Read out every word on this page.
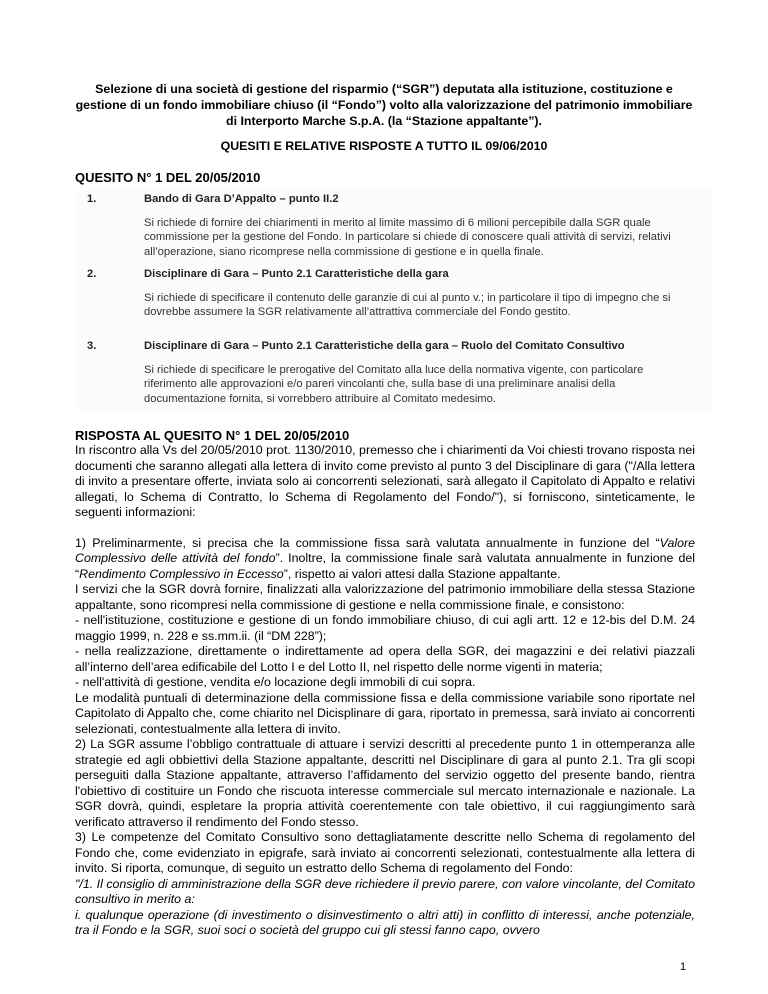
Selezione di una società di gestione del risparmio (“SGR”) deputata alla istituzione, costituzione e gestione di un fondo immobiliare chiuso (il “Fondo”) volto alla valorizzazione del patrimonio immobiliare di Interporto Marche S.p.A. (la “Stazione appaltante”).
QUESITI E RELATIVE RISPOSTE A TUTTO IL 09/06/2010
QUESITO N° 1 DEL 20/05/2010
1.	Bando di Gara D’Appalto – punto II.2
Si richiede di fornire dei chiarimenti in merito al limite massimo di 6 milioni percepibile dalla SGR quale commissione per la gestione del Fondo. In particolare si chiede di conoscere quali attività di servizi, relativi all’operazione, siano ricomprese nella commissione di gestione e in quella finale.
2.	Disciplinare di Gara – Punto 2.1 Caratteristiche della gara
Si richiede di specificare il contenuto delle garanzie di cui al punto v.; in particolare il tipo di impegno che si dovrebbe assumere la SGR relativamente all’attrattiva commerciale del Fondo gestito.
3.	Disciplinare di Gara – Punto 2.1 Caratteristiche della gara – Ruolo del Comitato Consultivo
Si richiede di specificare le prerogative del Comitato alla luce della normativa vigente, con particolare riferimento alle approvazioni e/o pareri vincolanti che, sulla base di una preliminare analisi della documentazione fornita, si vorrebbero attribuire al Comitato medesimo.
RISPOSTA AL QUESITO N° 1 DEL 20/05/2010

In riscontro alla Vs del 20/05/2010 prot. 1130/2010, premesso che i chiarimenti da Voi chiesti trovano risposta nei documenti che saranno allegati alla lettera di invito come previsto al punto 3 del Disciplinare di gara ("/Alla lettera di invito a presentare offerte, inviata solo ai concorrenti selezionati, sarà allegato il Capitolato di Appalto e relativi allegati, lo Schema di Contratto, lo Schema di Regolamento del Fondo/"), si forniscono, sinteticamente, le seguenti informazioni:

1) Preliminarmente, si precisa che la commissione fissa sarà valutata annualmente in funzione del “Valore Complessivo delle attività del fondo”. Inoltre, la commissione finale sarà valutata annualmente in funzione del “Rendimento Complessivo in Eccesso”, rispetto ai valori attesi dalla Stazione appaltante.

I servizi che la SGR dovrà fornire, finalizzati alla valorizzazione del patrimonio immobiliare della stessa Stazione appaltante, sono ricompresi nella commissione di gestione e nella commissione finale, e consistono:

- nell'istituzione, costituzione e gestione di un fondo immobiliare chiuso, di cui agli artt. 12 e 12-bis del D.M. 24 maggio 1999, n. 228 e ss.mm.ii. (il “DM 228”);

- nella realizzazione, direttamente o indirettamente ad opera della SGR, dei magazzini e dei relativi piazzali all’interno dell’area edificabile del Lotto I e del Lotto II, nel rispetto delle norme vigenti in materia;

- nell'attività di gestione, vendita e/o locazione degli immobili di cui sopra.

Le modalità puntuali di determinazione della commissione fissa e della commissione variabile sono riportate nel Capitolato di Appalto che, come chiarito nel Dicisplinare di gara, riportato in premessa, sarà inviato ai concorrenti selezionati, contestualmente alla lettera di invito.

2) La SGR assume l’obbligo contrattuale di attuare i servizi descritti al precedente punto 1 in ottemperanza alle strategie ed agli obbiettivi della Stazione appaltante, descritti nel Disciplinare di gara al punto 2.1. Tra gli scopi perseguiti dalla Stazione appaltante, attraverso l’affidamento del servizio oggetto del presente bando, rientra l'obiettivo di costituire un Fondo che riscuota interesse commerciale sul mercato internazionale e nazionale. La SGR dovrà, quindi, espletare la propria attività coerentemente con tale obiettivo, il cui raggiungimento sarà verificato attraverso il rendimento del Fondo stesso.

3) Le competenze del Comitato Consultivo sono dettagliatamente descritte nello Schema di regolamento del Fondo che, come evidenziato in epigrafe, sarà inviato ai concorrenti selezionati, contestualmente alla lettera di invito. Si riporta, comunque, di seguito un estratto dello Schema di regolamento del Fondo:

"/1. Il consiglio di amministrazione della SGR deve richiedere il previo parere, con valore vincolante, del Comitato consultivo in merito a:

i. qualunque operazione (di investimento o disinvestimento o altri atti) in conflitto di interessi, anche potenziale, tra il Fondo e la SGR, suoi soci o società del gruppo cui gli stessi fanno capo, ovvero

1
